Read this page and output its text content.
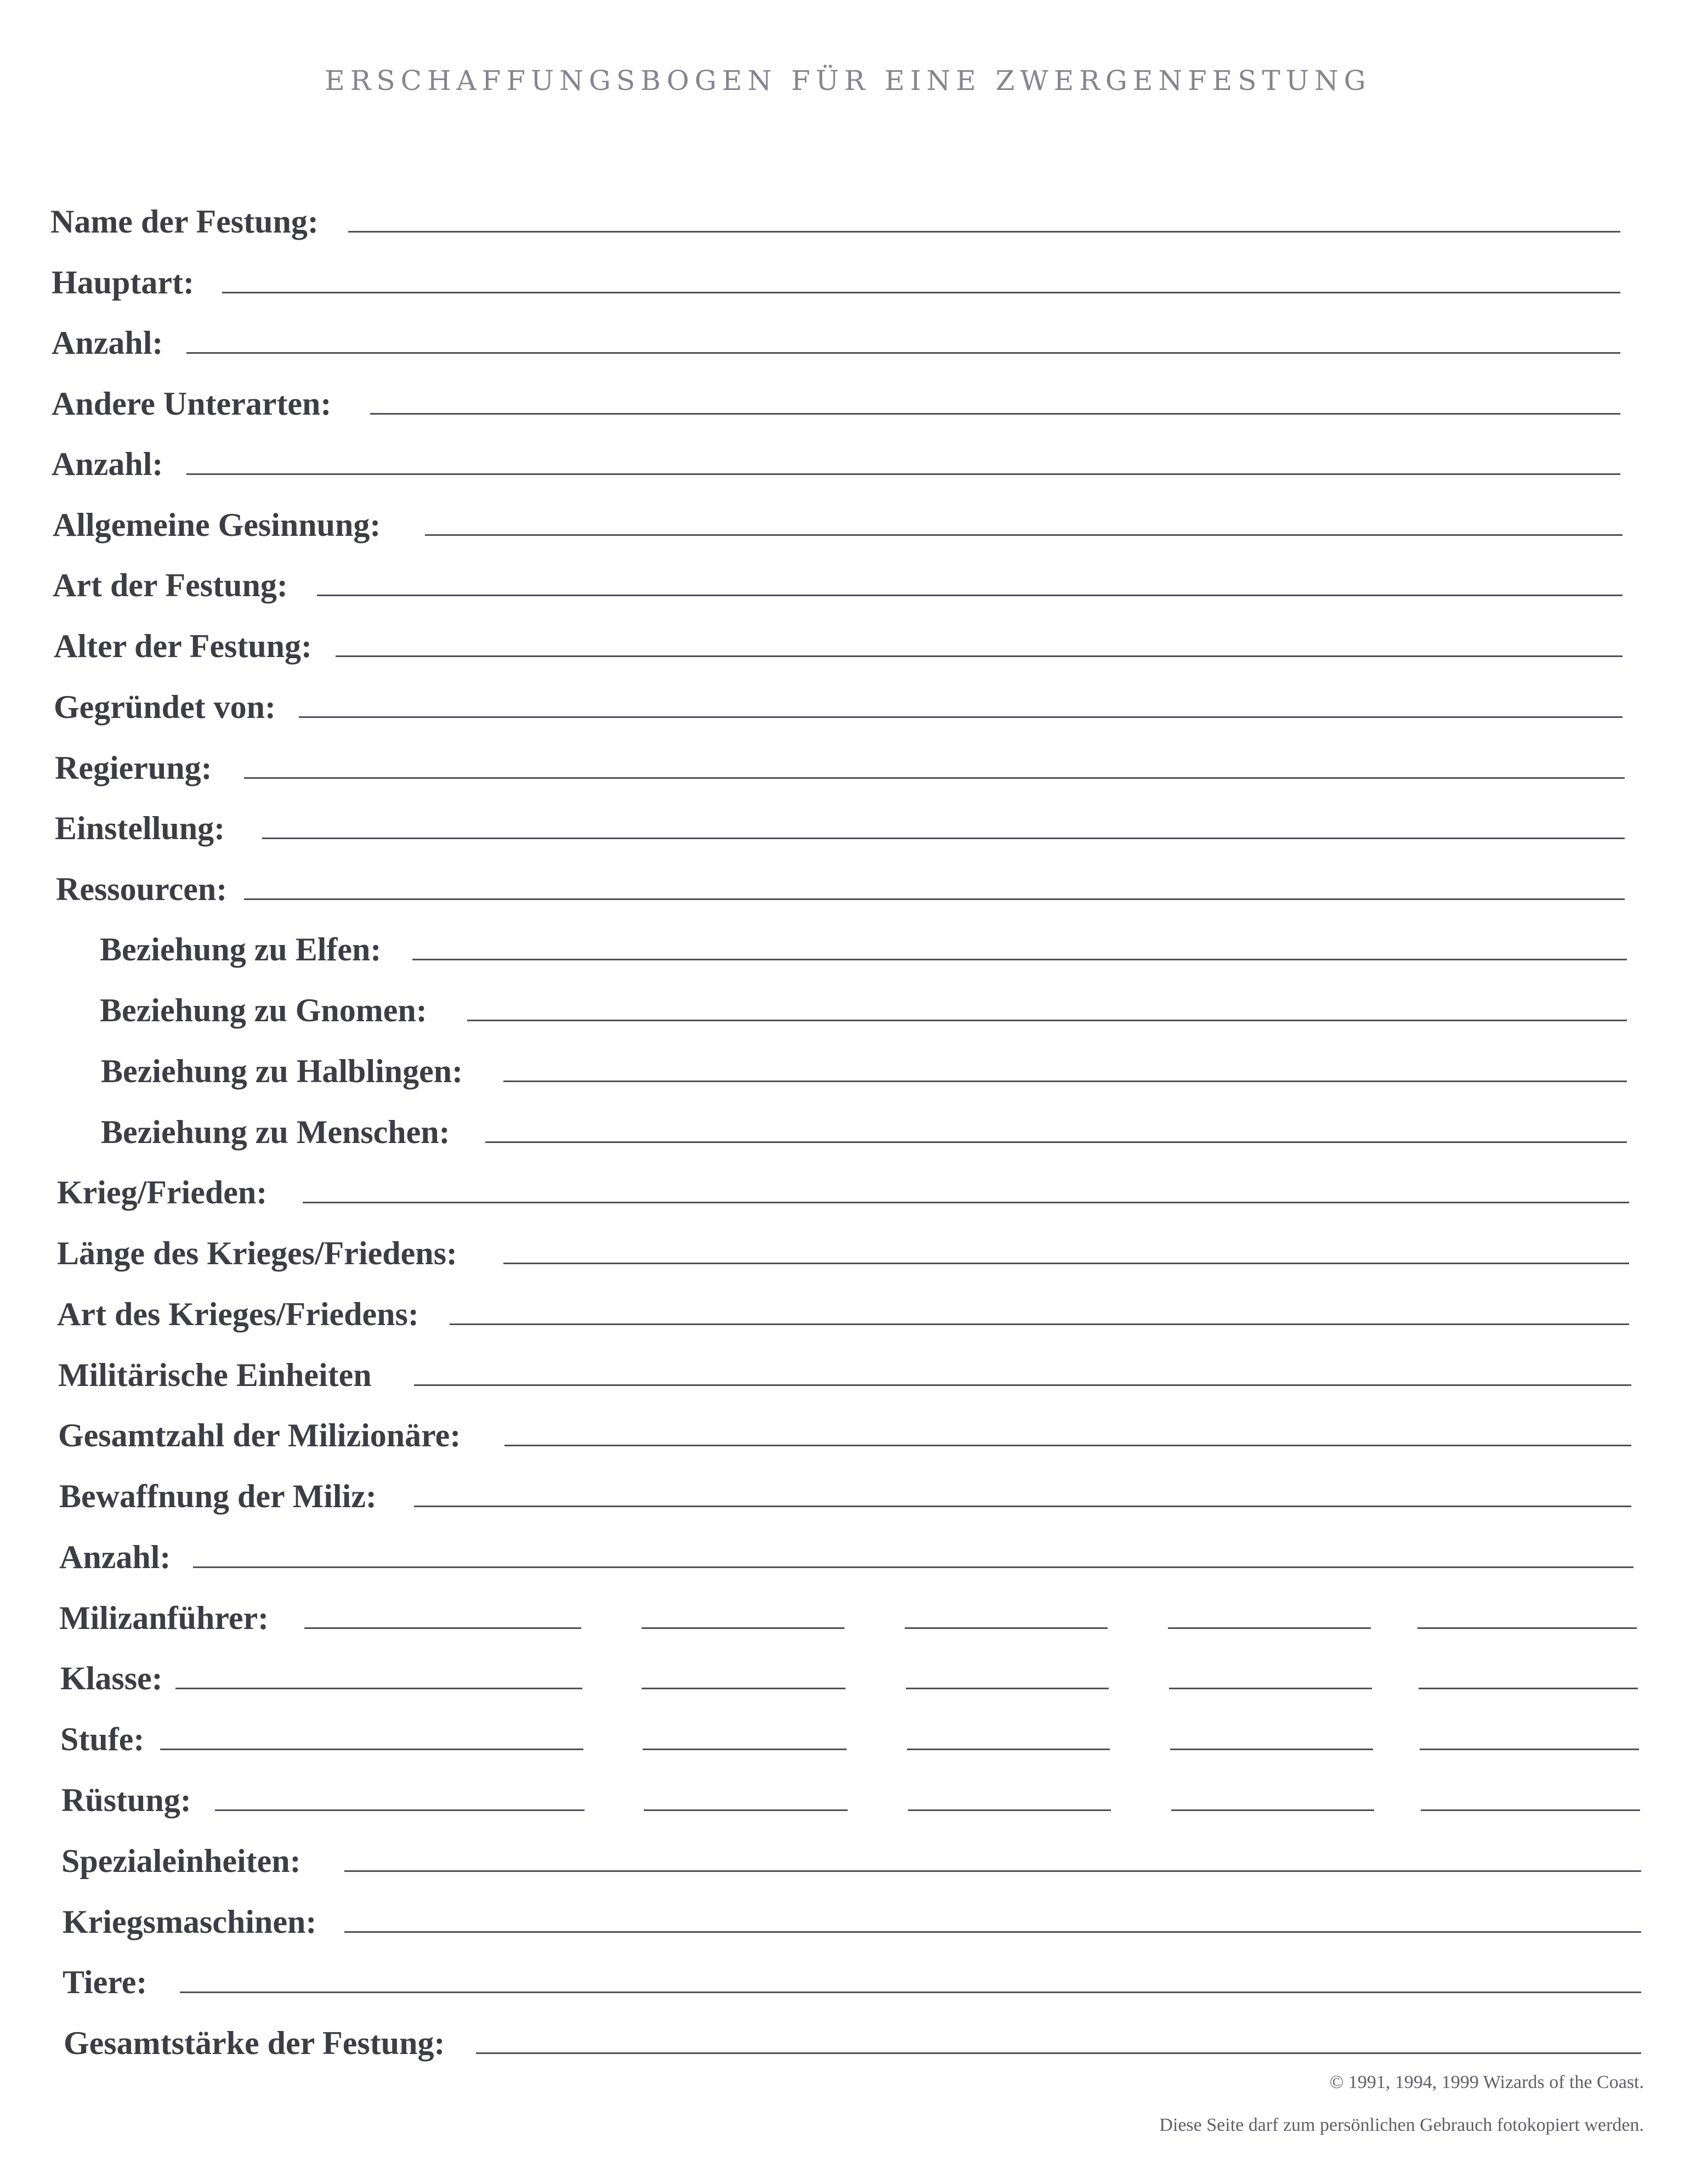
ERSCHAFFUNGSBOGEN FÜR EINE ZWERGENFESTUNG
Name der Festung:
Hauptart:
Anzahl:
Andere Unterarten:
Anzahl:
Allgemeine Gesinnung:
Art der Festung:
Alter der Festung:
Gegründet von:
Regierung:
Einstellung:
Ressourcen:
Beziehung zu Elfen:
Beziehung zu Gnomen:
Beziehung zu Halblingen:
Beziehung zu Menschen:
Krieg/Frieden:
Länge des Krieges/Friedens:
Art des Krieges/Friedens:
Militärische Einheiten
Gesamtzahl der Milizionäre:
Bewaffnung der Miliz:
Anzahl:
Milizanführer:
Klasse:
Stufe:
Rüstung:
Spezialeinheiten:
Kriegsmaschinen:
Tiere:
Gesamtstärke der Festung:
© 1991, 1994, 1999 Wizards of the Coast.
Diese Seite darf zum persönlichen Gebrauch fotokopiert werden.
